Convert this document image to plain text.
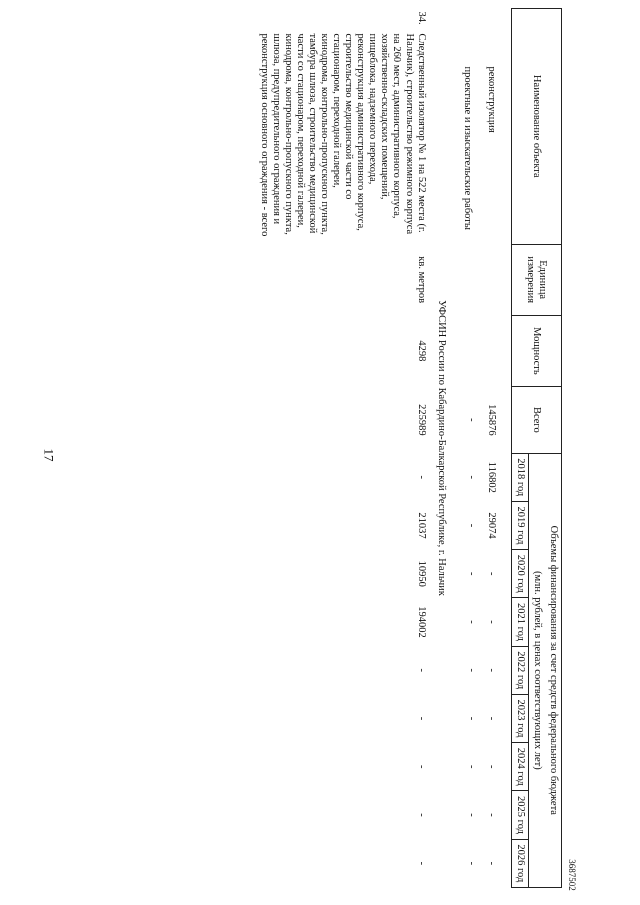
17
Наименование объекта	Единица измерения	Мощность	Всего	Объемы финансирования за счет средств федерального бюджета								
				(млн. рублей, в ценах соответствующих лет)								
				2018 год	2019 год	2020 год	2021 год	2022 год	2023 год	2024 год	2025 год	2026 год
реконструкция			145876	116802	29074	-	-	-	-	-	-	-
проектные и изыскательские работы			-	-	-	-	-	-	-	-	-	-
УФСИН России по Кабардино-Балкарской Республике, г. Нальчик												

34.
Следственный изолятор № 1 на 522 места (г. Нальчик), строительство режимного корпуса на 260 мест, административного корпуса, хозяйственно-складских помещений, пищеблока, надземного перехода, реконструкция административного корпуса, строительство медицинской части со стационаром, переходной галереи, кинодрома, контрольно-пропускного пункта, тамбура шлюза, строительство медицинской части со стационаром, переходной галереи, кинодрома, контрольно-пропускного пункта, шлюза, предупредительного ограждения и реконструкция основного ограждения - всего	кв. метров	4298	225989	-	21037	10950	194002	-	-	-	-	-	3687502
